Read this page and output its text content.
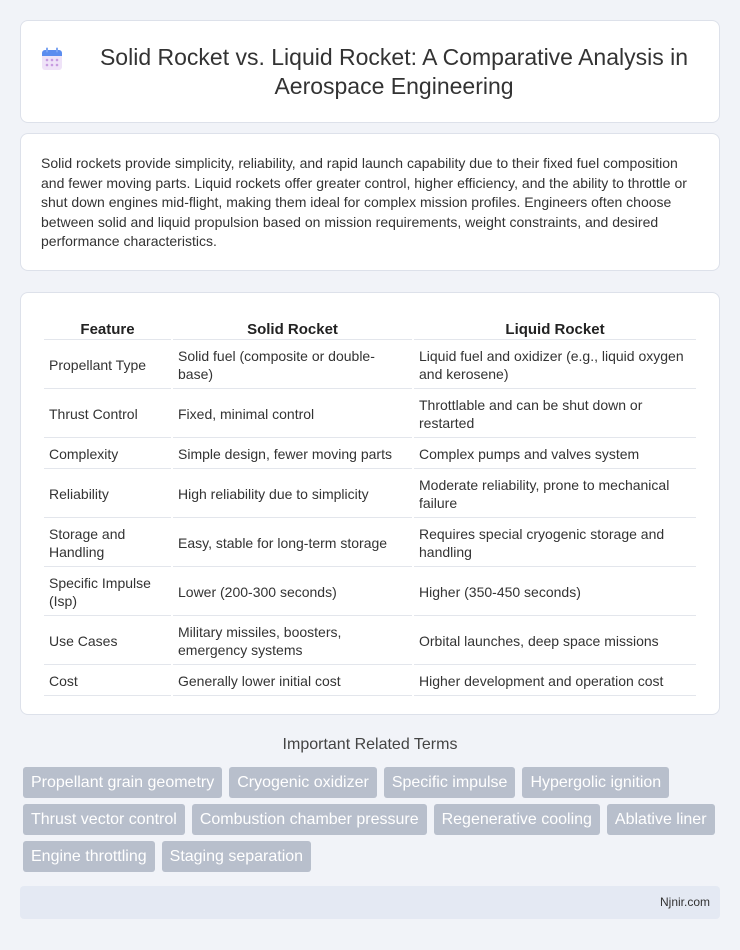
Solid Rocket vs. Liquid Rocket: A Comparative Analysis in Aerospace Engineering

Solid rockets provide simplicity, reliability, and rapid launch capability due to their fixed fuel composition and fewer moving parts. Liquid rockets offer greater control, higher efficiency, and the ability to throttle or shut down engines mid-flight, making them ideal for complex mission profiles. Engineers often choose between solid and liquid propulsion based on mission requirements, weight constraints, and desired performance characteristics.

Feature	Solid Rocket	Liquid Rocket
Propellant Type	Solid fuel (composite or double-base)	Liquid fuel and oxidizer (e.g., liquid oxygen and kerosene)
Thrust Control	Fixed, minimal control	Throttlable and can be shut down or restarted
Complexity	Simple design, fewer moving parts	Complex pumps and valves system
Reliability	High reliability due to simplicity	Moderate reliability, prone to mechanical failure
Storage and Handling	Easy, stable for long-term storage	Requires special cryogenic storage and handling
Specific Impulse (Isp)	Lower (200-300 seconds)	Higher (350-450 seconds)
Use Cases	Military missiles, boosters, emergency systems	Orbital launches, deep space missions
Cost	Generally lower initial cost	Higher development and operation cost
Important Related Terms
Propellant grain geometry	Cryogenic oxidizer	Specific impulse	Hypergolic ignition
Thrust vector control	Combustion chamber pressure	Regenerative cooling	Ablative liner
Engine throttling	Staging separation
Njnir.com
